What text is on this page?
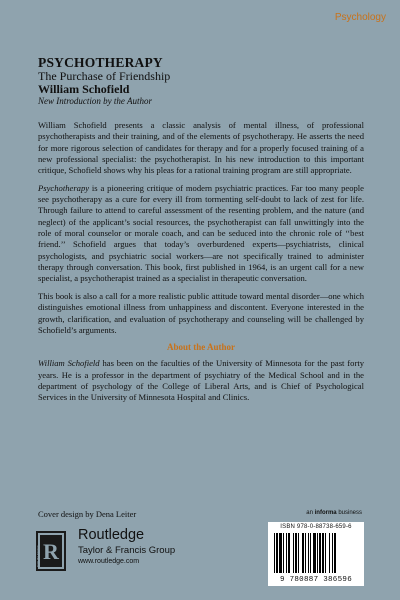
Psychology
PSYCHOTHERAPY
The Purchase of Friendship
William Schofield
New Introduction by the Author

William Schofield presents a classic analysis of mental illness, of professional psychotherapists and their training, and of the elements of psychotherapy. He asserts the need for more rigorous selection of candidates for therapy and for a properly focused training of a new professional specialist: the psychotherapist. In his new introduction to this important critique, Schofield shows why his pleas for a rational training program are still appropriate.

Psychotherapy is a pioneering critique of modern psychiatric practices. Far too many people see psychotherapy as a cure for every ill from tormenting self-doubt to lack of zest for life. Through failure to attend to careful assessment of the resenting problem, and the nature (and neglect) of the applicant’s social resources, the psychotherapist can fall unwittingly into the role of moral counselor or morale coach, and can be seduced into the chronic role of ‘‘best friend.’’ Schofield argues that today’s overburdened experts—psychiatrists, clinical psychologists, and psychiatric social workers—are not specifically trained to administer therapy through conversation. This book, first published in 1964, is an urgent call for a new specialist, a psychotherapist trained as a specialist in therapeutic conversation.

This book is also a call for a more realistic public attitude toward mental disorder—one which distinguishes emotional illness from unhappiness and discontent. Everyone interested in the growth, clarification, and evaluation of psychotherapy and counseling will be challenged by Schofield’s arguments.

About the Author

William Schofield has been on the faculties of the University of Minnesota for the past forty years. He is a professor in the department of psychiatry of the Medical School and in the department of psychology of the College of Liberal Arts, and is Chief of Psychological Services in the University of Minnesota Hospital and Clinics.

Cover design by Dena Leiter	an informa business
R
ROUTLEDGE
Routledge
Taylor & Francis Group
www.routledge.com
ISBN 978-0-88738-659-6
9 780887 386596
